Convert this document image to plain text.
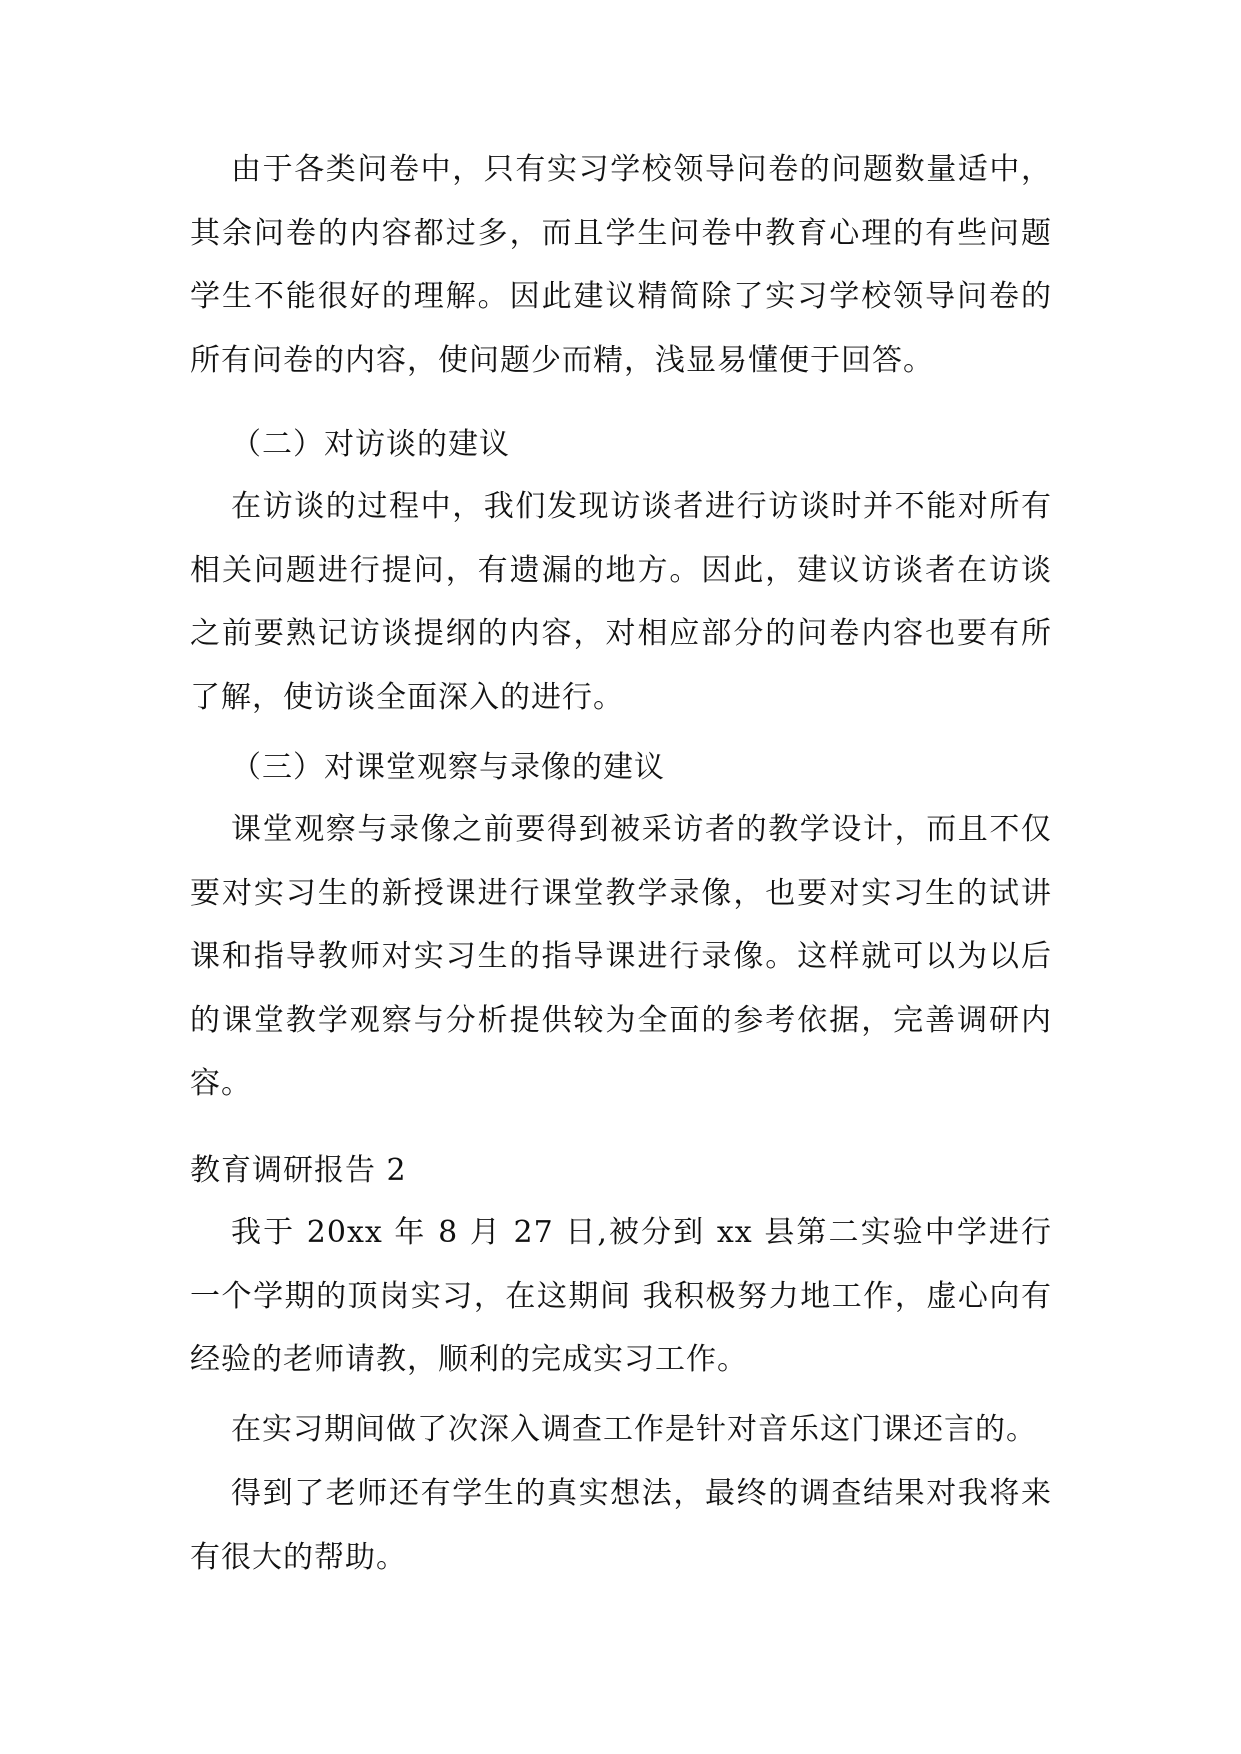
由于各类问卷中，只有实习学校领导问卷的问题数量适中，其余问卷的内容都过多，而且学生问卷中教育心理的有些问题学生不能很好的理解。因此建议精简除了实习学校领导问卷的所有问卷的内容，使问题少而精，浅显易懂便于回答。

（二）对访谈的建议

在访谈的过程中，我们发现访谈者进行访谈时并不能对所有相关问题进行提问，有遗漏的地方。因此，建议访谈者在访谈之前要熟记访谈提纲的内容，对相应部分的问卷内容也要有所了解，使访谈全面深入的进行。

（三）对课堂观察与录像的建议

课堂观察与录像之前要得到被采访者的教学设计，而且不仅要对实习生的新授课进行课堂教学录像，也要对实习生的试讲课和指导教师对实习生的指导课进行录像。这样就可以为以后的课堂教学观察与分析提供较为全面的参考依据，完善调研内容。

教育调研报告 2

我于 20xx 年 8 月 27 日,被分到 xx 县第二实验中学进行一个学期的顶岗实习，在这期间 我积极努力地工作，虚心向有经验的老师请教，顺利的完成实习工作。

在实习期间做了次深入调查工作是针对音乐这门课还言的。

得到了老师还有学生的真实想法，最终的调查结果对我将来有很大的帮助。
